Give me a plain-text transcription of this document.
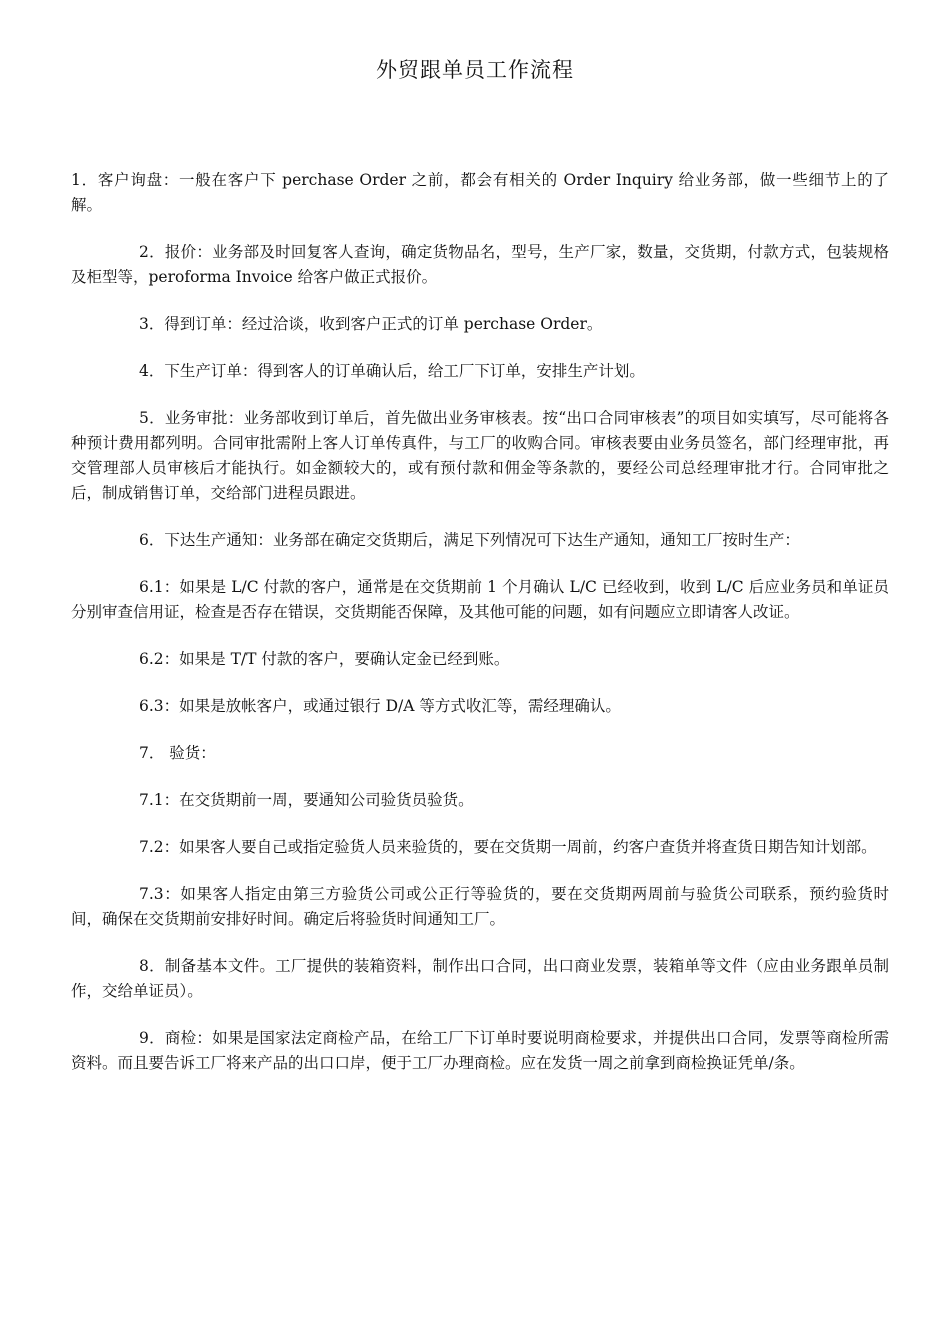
外贸跟单员工作流程

1．客户询盘：一般在客户下 perchase Order 之前，都会有相关的 Order Inquiry 给业务部，做一些细节上的了解。

2．报价：业务部及时回复客人查询，确定货物品名，型号，生产厂家，数量，交货期，付款方式，包装规格及柜型等，peroforma Invoice 给客户做正式报价。

3．得到订单：经过洽谈，收到客户正式的订单 perchase Order。

4．下生产订单：得到客人的订单确认后，给工厂下订单，安排生产计划。

5．业务审批：业务部收到订单后，首先做出业务审核表。按“出口合同审核表”的项目如实填写，尽可能将各种预计费用都列明。合同审批需附上客人订单传真件，与工厂的收购合同。审核表要由业务员签名，部门经理审批，再交管理部人员审核后才能执行。如金额较大的，或有预付款和佣金等条款的，要经公司总经理审批才行。合同审批之后，制成销售订单，交给部门进程员跟进。

6．下达生产通知：业务部在确定交货期后，满足下列情况可下达生产通知，通知工厂按时生产：

6.1：如果是 L/C 付款的客户，通常是在交货期前 1 个月确认 L/C 已经收到，收到 L/C 后应业务员和单证员分别审查信用证，检查是否存在错误，交货期能否保障，及其他可能的问题，如有问题应立即请客人改证。

6.2：如果是 T/T 付款的客户，要确认定金已经到账。

6.3：如果是放帐客户，或通过银行 D/A 等方式收汇等，需经理确认。

7． 验货：

7.1：在交货期前一周，要通知公司验货员验货。

7.2：如果客人要自己或指定验货人员来验货的，要在交货期一周前，约客户查货并将查货日期告知计划部。

7.3：如果客人指定由第三方验货公司或公正行等验货的，要在交货期两周前与验货公司联系，预约验货时间，确保在交货期前安排好时间。确定后将验货时间通知工厂。

8．制备基本文件。工厂提供的装箱资料，制作出口合同，出口商业发票，装箱单等文件（应由业务跟单员制作，交给单证员）。

9．商检：如果是国家法定商检产品，在给工厂下订单时要说明商检要求，并提供出口合同，发票等商检所需资料。而且要告诉工厂将来产品的出口口岸，便于工厂办理商检。应在发货一周之前拿到商检换证凭单/条。
